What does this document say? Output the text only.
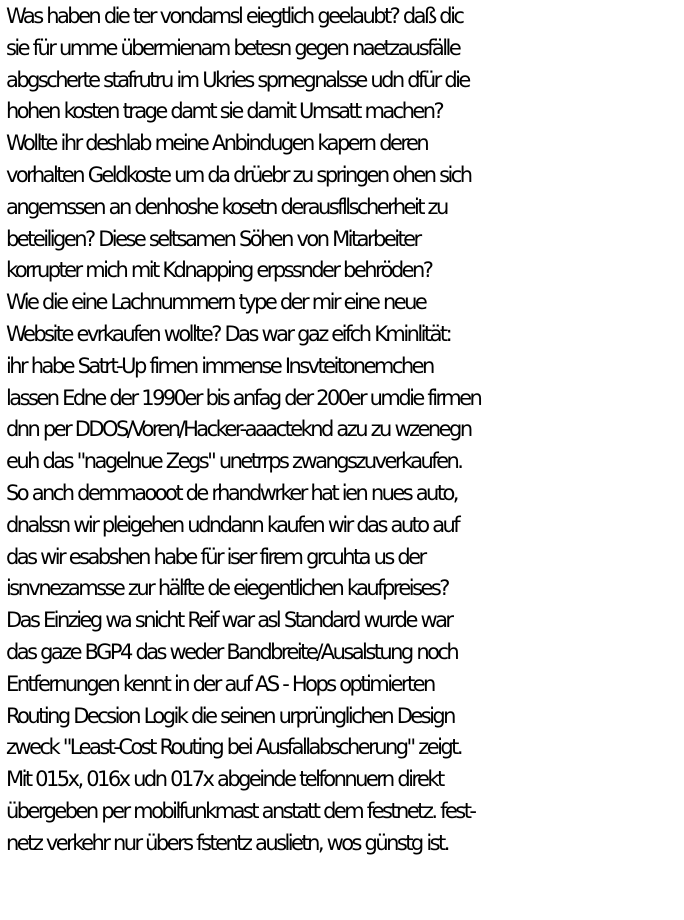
Was haben die ter vondamsl eiegtlich geelaubt? daß dic
sie für umme übermienam betesn gegen naetzausfälle
abgscherte stafrutru im Ukries sprnegnalsse udn dfür die
hohen kosten trage damt sie damit Umsatt machen?
Wollte ihr deshlab meine Anbindugen kapern deren
vorhalten Geldkoste um da drüebr zu springen ohen sich
angemssen an denhoshe kosetn derausfllscherheit zu
beteiligen? Diese seltsamen Söhen von Mitarbeiter
korrupter mich mit Kdnapping erpssnder behröden?
Wie die eine Lachnummern type der mir eine neue
Website evrkaufen wollte? Das war gaz eifch Kminlität:
ihr habe Satrt-Up fimen immense Insvteitonemchen
lassen Edne der 1990er bis anfag der 200er umdie firmen
dnn per DDOS/Voren/Hacker-aaacteknd azu zu wzenegn
euh das "nagelnue Zegs" unetrrps zwangszuverkaufen.
So anch demmaooot de rhandwrker hat ien nues auto,
dnalssn wir pleigehen udndann kaufen wir das auto auf
das wir esabshen habe für iser firem grcuhta us der
isnvnezamsse zur hälfte de eiegentlichen kaufpreises?
Das Einzieg wa snicht Reif war asl Standard wurde war
das gaze BGP4 das weder Bandbreite/Ausalstung noch
Entfernungen kennt in der auf AS - Hops optimierten
Routing Decsion Logik die seinen urprünglichen Design
zweck "Least-Cost Routing bei Ausfallabscherung" zeigt.
Mit 015x, 016x udn 017x abgeinde telfonnuern direkt
übergeben per mobilfunkmast anstatt dem festnetz. fest-
netz verkehr nur übers fstentz auslietn, wos günstg ist.
